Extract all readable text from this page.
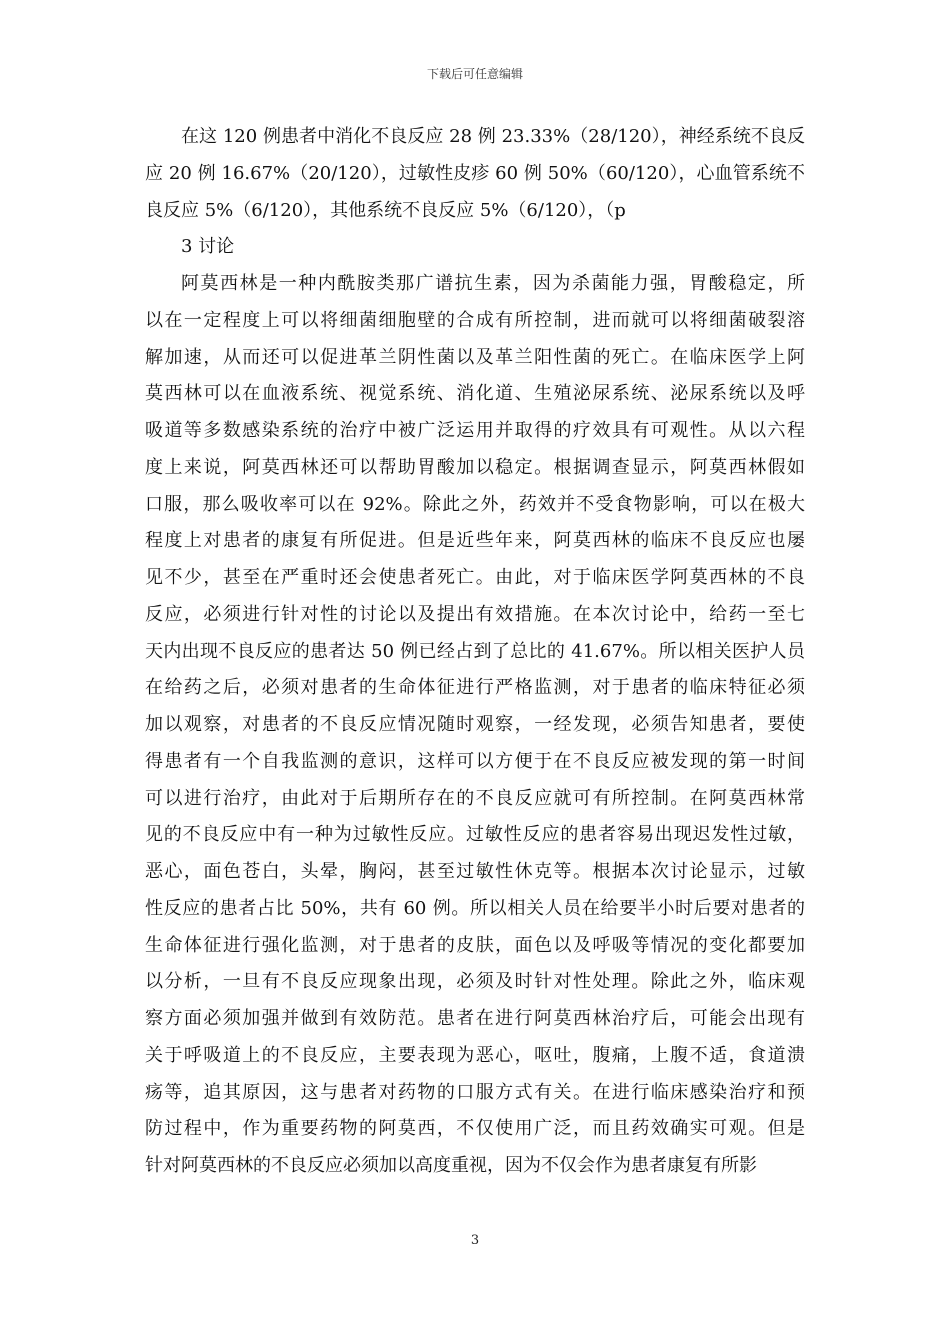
下载后可任意编辑
在这 120 例患者中消化不良反应 28 例 23.33%（28/120），神经系统不良反
应 20 例 16.67%（20/120），过敏性皮疹 60 例 50%（60/120），心血管系统不
良反应 5%（6/120），其他系统不良反应 5%（6/120），（p
3 讨论
阿莫西林是一种内酰胺类那广谱抗生素，因为杀菌能力强，胃酸稳定，所
以在一定程度上可以将细菌细胞壁的合成有所控制，进而就可以将细菌破裂溶
解加速，从而还可以促进革兰阴性菌以及革兰阳性菌的死亡。在临床医学上阿
莫西林可以在血液系统、视觉系统、消化道、生殖泌尿系统、泌尿系统以及呼
吸道等多数感染系统的治疗中被广泛运用并取得的疗效具有可观性。从以六程
度上来说，阿莫西林还可以帮助胃酸加以稳定。根据调查显示，阿莫西林假如
口服，那么吸收率可以在 92%。除此之外，药效并不受食物影响，可以在极大
程度上对患者的康复有所促进。但是近些年来，阿莫西林的临床不良反应也屡
见不少，甚至在严重时还会使患者死亡。由此，对于临床医学阿莫西林的不良
反应，必须进行针对性的讨论以及提出有效措施。在本次讨论中，给药一至七
天内出现不良反应的患者达 50 例已经占到了总比的 41.67%。所以相关医护人员
在给药之后，必须对患者的生命体征进行严格监测，对于患者的临床特征必须
加以观察，对患者的不良反应情况随时观察，一经发现，必须告知患者，要使
得患者有一个自我监测的意识，这样可以方便于在不良反应被发现的第一时间
可以进行治疗，由此对于后期所存在的不良反应就可有所控制。在阿莫西林常
见的不良反应中有一种为过敏性反应。过敏性反应的患者容易出现迟发性过敏，
恶心，面色苍白，头晕，胸闷，甚至过敏性休克等。根据本次讨论显示，过敏
性反应的患者占比 50%，共有 60 例。所以相关人员在给要半小时后要对患者的
生命体征进行强化监测，对于患者的皮肤，面色以及呼吸等情况的变化都要加
以分析，一旦有不良反应现象出现，必须及时针对性处理。除此之外，临床观
察方面必须加强并做到有效防范。患者在进行阿莫西林治疗后，可能会出现有
关于呼吸道上的不良反应，主要表现为恶心，呕吐，腹痛，上腹不适，食道溃
疡等，追其原因，这与患者对药物的口服方式有关。在进行临床感染治疗和预
防过程中，作为重要药物的阿莫西，不仅使用广泛，而且药效确实可观。但是
针对阿莫西林的不良反应必须加以高度重视，因为不仅会作为患者康复有所影
3
